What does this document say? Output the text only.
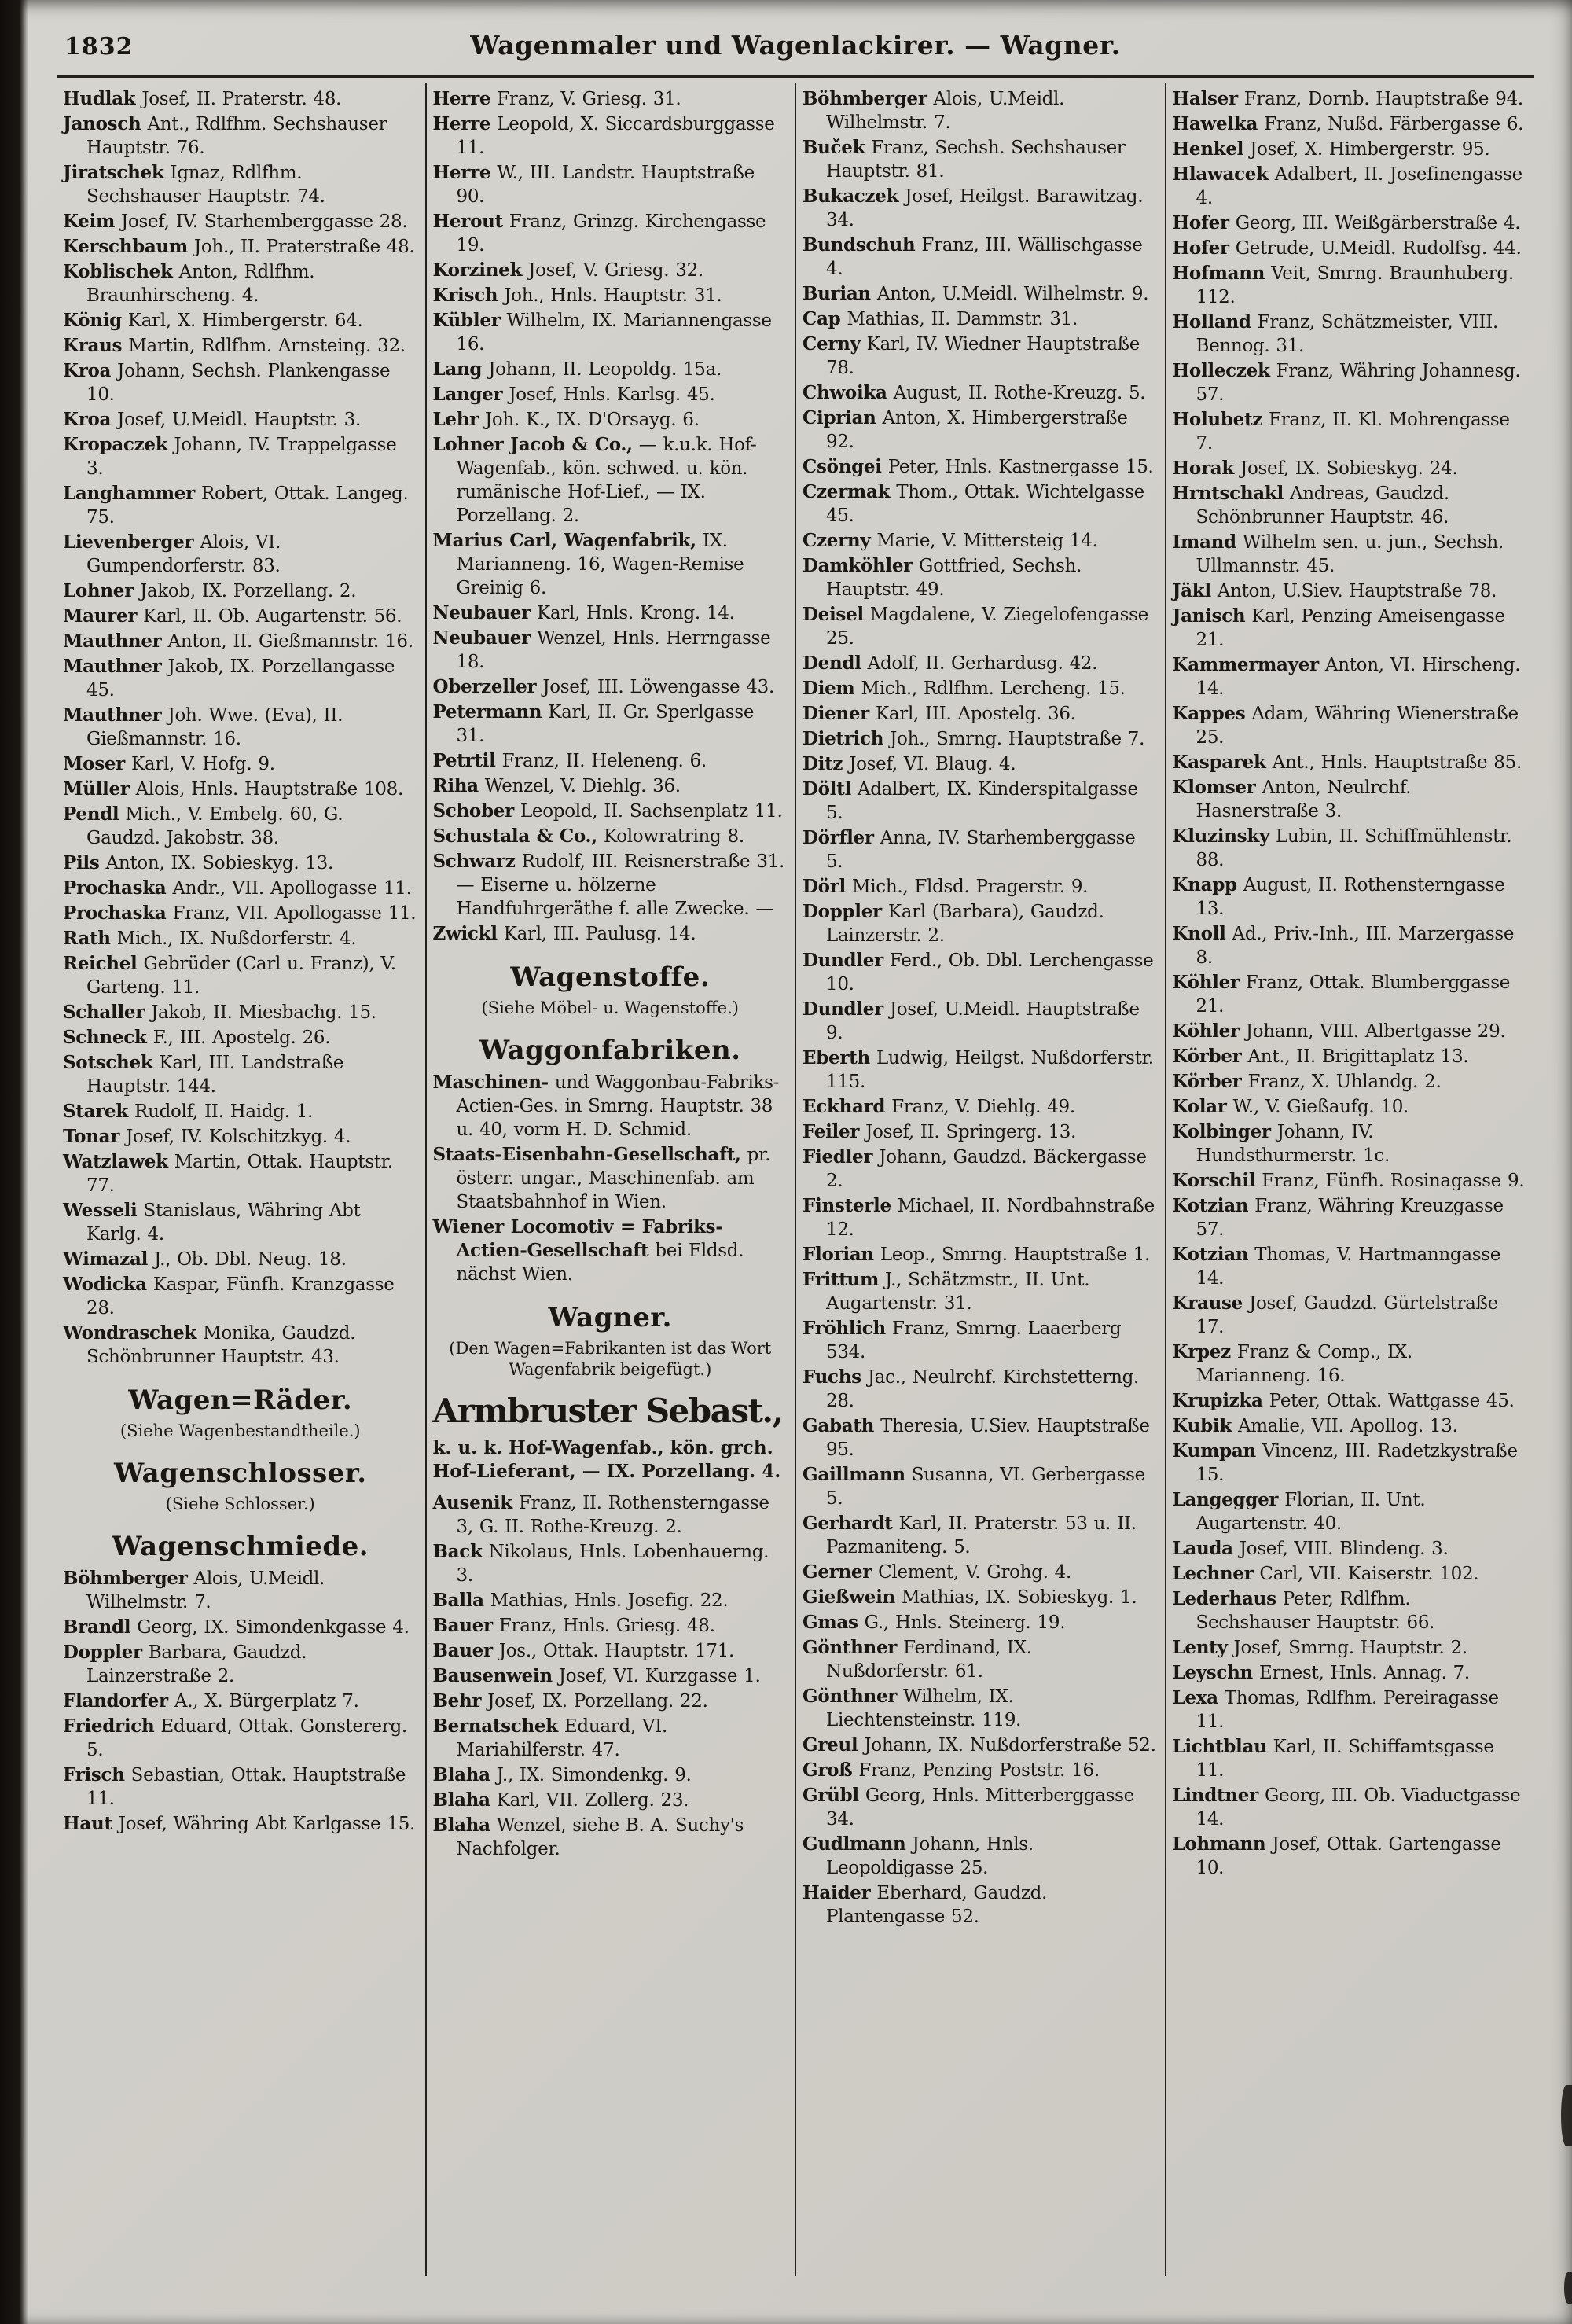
1832	Wagenmaler und Wagenlackirer. — Wagner.

Hudlak Josef, II. Praterstr. 48.

Janosch Ant., Rdlfhm. Sechshauser Hauptstr. 76.

Jiratschek Ignaz, Rdlfhm. Sechshauser Hauptstr. 74.

Keim Josef, IV. Starhemberggasse 28.

Kerschbaum Joh., II. Praterstraße 48.

Koblischek Anton, Rdlfhm. Braunhirscheng. 4.

König Karl, X. Himbergerstr. 64.

Kraus Martin, Rdlfhm. Arnsteing. 32.

Kroa Johann, Sechsh. Plankengasse 10.

Kroa Josef, U.Meidl. Hauptstr. 3.

Kropaczek Johann, IV. Trappelgasse 3.

Langhammer Robert, Ottak. Langeg. 75.

Lievenberger Alois, VI. Gumpendorferstr. 83.

Lohner Jakob, IX. Porzellang. 2.

Maurer Karl, II. Ob. Augartenstr. 56.

Mauthner Anton, II. Gießmannstr. 16.

Mauthner Jakob, IX. Porzellangasse 45.

Mauthner Joh. Wwe. (Eva), II. Gießmannstr. 16.

Moser Karl, V. Hofg. 9.

Müller Alois, Hnls. Hauptstraße 108.

Pendl Mich., V. Embelg. 60, G. Gaudzd. Jakobstr. 38.

Pils Anton, IX. Sobieskyg. 13.

Prochaska Andr., VII. Apollogasse 11.

Prochaska Franz, VII. Apollogasse 11.

Rath Mich., IX. Nußdorferstr. 4.

Reichel Gebrüder (Carl u. Franz), V. Garteng. 11.

Schaller Jakob, II. Miesbachg. 15.

Schneck F., III. Apostelg. 26.

Sotschek Karl, III. Landstraße Hauptstr. 144.

Starek Rudolf, II. Haidg. 1.

Tonar Josef, IV. Kolschitzkyg. 4.

Watzlawek Martin, Ottak. Hauptstr. 77.

Wesseli Stanislaus, Währing Abt Karlg. 4.

Wimazal J., Ob. Dbl. Neug. 18.

Wodicka Kaspar, Fünfh. Kranzgasse 28.

Wondraschek Monika, Gaudzd. Schönbrunner Hauptstr. 43.

Wagen=Räder.

(Siehe Wagenbestandtheile.)

Wagenschlosser.

(Siehe Schlosser.)

Wagenschmiede.

Böhmberger Alois, U.Meidl. Wilhelmstr. 7.

Brandl Georg, IX. Simondenkgasse 4.

Doppler Barbara, Gaudzd. Lainzerstraße 2.

Flandorfer A., X. Bürgerplatz 7.

Friedrich Eduard, Ottak. Gonstererg. 5.

Frisch Sebastian, Ottak. Hauptstraße 11.

Haut Josef, Währing Abt Karlgasse 15.

Herre Franz, V. Griesg. 31.

Herre Leopold, X. Siccardsburggasse 11.

Herre W., III. Landstr. Hauptstraße 90.

Herout Franz, Grinzg. Kirchengasse 19.

Korzinek Josef, V. Griesg. 32.

Krisch Joh., Hnls. Hauptstr. 31.

Kübler Wilhelm, IX. Mariannengasse 16.

Lang Johann, II. Leopoldg. 15a.

Langer Josef, Hnls. Karlsg. 45.

Lehr Joh. K., IX. D'Orsayg. 6.

Lohner Jacob & Co., — k.u.k. Hof-Wagenfab., kön. schwed. u. kön. rumänische Hof-Lief., — IX. Porzellang. 2.

Marius Carl, Wagenfabrik, IX. Marianneng. 16, Wagen-Remise Greinig 6.

Neubauer Karl, Hnls. Krong. 14.

Neubauer Wenzel, Hnls. Herrngasse 18.

Oberzeller Josef, III. Löwengasse 43.

Petermann Karl, II. Gr. Sperlgasse 31.

Petrtil Franz, II. Heleneng. 6.

Riha Wenzel, V. Diehlg. 36.

Schober Leopold, II. Sachsenplatz 11.

Schustala & Co., Kolowratring 8.

Schwarz Rudolf, III. Reisnerstraße 31. — Eiserne u. hölzerne Handfuhrgeräthe f. alle Zwecke. —

Zwickl Karl, III. Paulusg. 14.

Wagenstoffe.

(Siehe Möbel- u. Wagenstoffe.)

Waggonfabriken.

Maschinen- und Waggonbau-Fabriks-Actien-Ges. in Smrng. Hauptstr. 38 u. 40, vorm H. D. Schmid.

Staats-Eisenbahn-Gesellschaft, pr. österr. ungar., Maschinenfab. am Staatsbahnhof in Wien.

Wiener Locomotiv = Fabriks-Actien-Gesellschaft bei Fldsd. nächst Wien.

Wagner.

(Den Wagen=Fabrikanten ist das Wort Wagenfabrik beigefügt.)

Armbruster Sebast.,

k. u. k. Hof-Wagenfab., kön. grch. Hof-Lieferant, — IX. Porzellang. 4.

Ausenik Franz, II. Rothensterngasse 3, G. II. Rothe-Kreuzg. 2.

Back Nikolaus, Hnls. Lobenhauerng. 3.

Balla Mathias, Hnls. Josefig. 22.

Bauer Franz, Hnls. Griesg. 48.

Bauer Jos., Ottak. Hauptstr. 171.

Bausenwein Josef, VI. Kurzgasse 1.

Behr Josef, IX. Porzellang. 22.

Bernatschek Eduard, VI. Mariahilferstr. 47.

Blaha J., IX. Simondenkg. 9.

Blaha Karl, VII. Zollerg. 23.

Blaha Wenzel, siehe B. A. Suchy's Nachfolger.

Böhmberger Alois, U.Meidl. Wilhelmstr. 7.

Buček Franz, Sechsh. Sechshauser Hauptstr. 81.

Bukaczek Josef, Heilgst. Barawitzag. 34.

Bundschuh Franz, III. Wällischgasse 4.

Burian Anton, U.Meidl. Wilhelmstr. 9.

Cap Mathias, II. Dammstr. 31.

Cerny Karl, IV. Wiedner Hauptstraße 78.

Chwoika August, II. Rothe-Kreuzg. 5.

Ciprian Anton, X. Himbergerstraße 92.

Csöngei Peter, Hnls. Kastnergasse 15.

Czermak Thom., Ottak. Wichtelgasse 45.

Czerny Marie, V. Mittersteig 14.

Damköhler Gottfried, Sechsh. Hauptstr. 49.

Deisel Magdalene, V. Ziegelofengasse 25.

Dendl Adolf, II. Gerhardusg. 42.

Diem Mich., Rdlfhm. Lercheng. 15.

Diener Karl, III. Apostelg. 36.

Dietrich Joh., Smrng. Hauptstraße 7.

Ditz Josef, VI. Blaug. 4.

Döltl Adalbert, IX. Kinderspitalgasse 5.

Dörfler Anna, IV. Starhemberggasse 5.

Dörl Mich., Fldsd. Pragerstr. 9.

Doppler Karl (Barbara), Gaudzd. Lainzerstr. 2.

Dundler Ferd., Ob. Dbl. Lerchengasse 10.

Dundler Josef, U.Meidl. Hauptstraße 9.

Eberth Ludwig, Heilgst. Nußdorferstr. 115.

Eckhard Franz, V. Diehlg. 49.

Feiler Josef, II. Springerg. 13.

Fiedler Johann, Gaudzd. Bäckergasse 2.

Finsterle Michael, II. Nordbahnstraße 12.

Florian Leop., Smrng. Hauptstraße 1.

Frittum J., Schätzmstr., II. Unt. Augartenstr. 31.

Fröhlich Franz, Smrng. Laaerberg 534.

Fuchs Jac., Neulrchf. Kirchstetterng. 28.

Gabath Theresia, U.Siev. Hauptstraße 95.

Gaillmann Susanna, VI. Gerbergasse 5.

Gerhardt Karl, II. Praterstr. 53 u. II. Pazmaniteng. 5.

Gerner Clement, V. Grohg. 4.

Gießwein Mathias, IX. Sobieskyg. 1.

Gmas G., Hnls. Steinerg. 19.

Gönthner Ferdinand, IX. Nußdorferstr. 61.

Gönthner Wilhelm, IX. Liechtensteinstr. 119.

Greul Johann, IX. Nußdorferstraße 52.

Groß Franz, Penzing Poststr. 16.

Grübl Georg, Hnls. Mitterberggasse 34.

Gudlmann Johann, Hnls. Leopoldigasse 25.

Haider Eberhard, Gaudzd. Plantengasse 52.

Halser Franz, Dornb. Hauptstraße 94.

Hawelka Franz, Nußd. Färbergasse 6.

Henkel Josef, X. Himbergerstr. 95.

Hlawacek Adalbert, II. Josefinengasse 4.

Hofer Georg, III. Weißgärberstraße 4.

Hofer Getrude, U.Meidl. Rudolfsg. 44.

Hofmann Veit, Smrng. Braunhuberg. 112.

Holland Franz, Schätzmeister, VIII. Bennog. 31.

Holleczek Franz, Währing Johannesg. 57.

Holubetz Franz, II. Kl. Mohrengasse 7.

Horak Josef, IX. Sobieskyg. 24.

Hrntschakl Andreas, Gaudzd. Schönbrunner Hauptstr. 46.

Imand Wilhelm sen. u. jun., Sechsh. Ullmannstr. 45.

Jäkl Anton, U.Siev. Hauptstraße 78.

Janisch Karl, Penzing Ameisengasse 21.

Kammermayer Anton, VI. Hirscheng. 14.

Kappes Adam, Währing Wienerstraße 25.

Kasparek Ant., Hnls. Hauptstraße 85.

Klomser Anton, Neulrchf. Hasnerstraße 3.

Kluzinsky Lubin, II. Schiffmühlenstr. 88.

Knapp August, II. Rothensterngasse 13.

Knoll Ad., Priv.-Inh., III. Marzergasse 8.

Köhler Franz, Ottak. Blumberggasse 21.

Köhler Johann, VIII. Albertgasse 29.

Körber Ant., II. Brigittaplatz 13.

Körber Franz, X. Uhlandg. 2.

Kolar W., V. Gießaufg. 10.

Kolbinger Johann, IV. Hundsthurmerstr. 1c.

Korschil Franz, Fünfh. Rosinagasse 9.

Kotzian Franz, Währing Kreuzgasse 57.

Kotzian Thomas, V. Hartmanngasse 14.

Krause Josef, Gaudzd. Gürtelstraße 17.

Krpez Franz & Comp., IX. Marianneng. 16.

Krupizka Peter, Ottak. Wattgasse 45.

Kubik Amalie, VII. Apollog. 13.

Kumpan Vincenz, III. Radetzkystraße 15.

Langegger Florian, II. Unt. Augartenstr. 40.

Lauda Josef, VIII. Blindeng. 3.

Lechner Carl, VII. Kaiserstr. 102.

Lederhaus Peter, Rdlfhm. Sechshauser Hauptstr. 66.

Lenty Josef, Smrng. Hauptstr. 2.

Leyschn Ernest, Hnls. Annag. 7.

Lexa Thomas, Rdlfhm. Pereiragasse 11.

Lichtblau Karl, II. Schiffamtsgasse 11.

Lindtner Georg, III. Ob. Viaductgasse 14.

Lohmann Josef, Ottak. Gartengasse 10.
